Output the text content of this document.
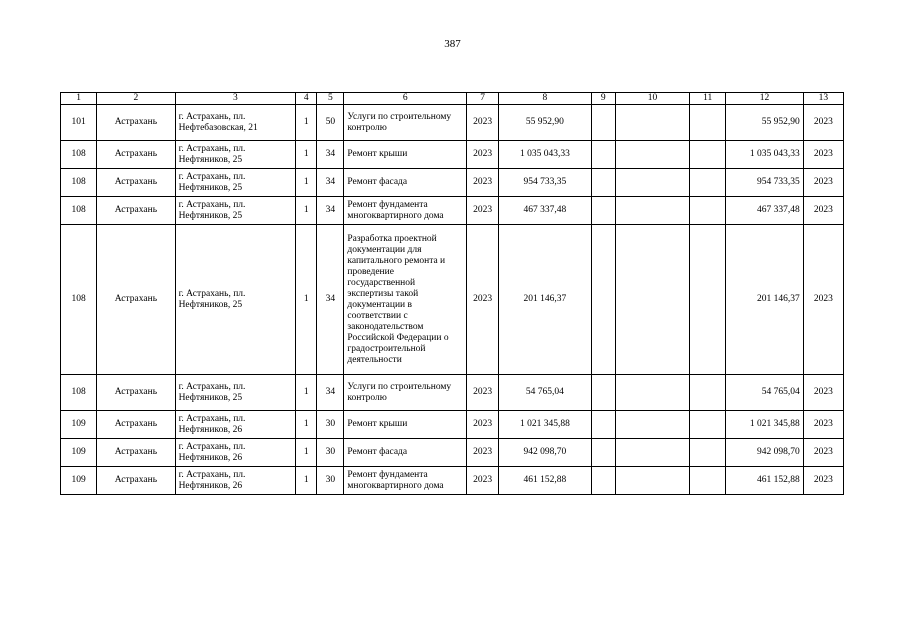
387
1	2	3	4	5	6	7	8	9	10	11	12	13
101	Астрахань	г. Астрахань, пл. Нефтебазовская, 21	1	50	Услуги по строительному контролю	2023	55 952,90				55 952,90	2023
108	Астрахань	г. Астрахань, пл. Нефтяников, 25	1	34	Ремонт крыши	2023	1 035 043,33				1 035 043,33	2023
108	Астрахань	г. Астрахань, пл. Нефтяников, 25	1	34	Ремонт фасада	2023	954 733,35				954 733,35	2023
108	Астрахань	г. Астрахань, пл. Нефтяников, 25	1	34	Ремонт фундамента многоквартирного дома	2023	467 337,48				467 337,48	2023
108	Астрахань	г. Астрахань, пл. Нефтяников, 25	1	34	Разработка проектной документации для капитального ремонта и проведение государственной экспертизы такой документации в соответствии с законодательством Российской Федерации о градостроительной деятельности	2023	201 146,37				201 146,37	2023
108	Астрахань	г. Астрахань, пл. Нефтяников, 25	1	34	Услуги по строительному контролю	2023	54 765,04				54 765,04	2023
109	Астрахань	г. Астрахань, пл. Нефтяников, 26	1	30	Ремонт крыши	2023	1 021 345,88				1 021 345,88	2023
109	Астрахань	г. Астрахань, пл. Нефтяников, 26	1	30	Ремонт фасада	2023	942 098,70				942 098,70	2023
109	Астрахань	г. Астрахань, пл. Нефтяников, 26	1	30	Ремонт фундамента многоквартирного дома	2023	461 152,88				461 152,88	2023
